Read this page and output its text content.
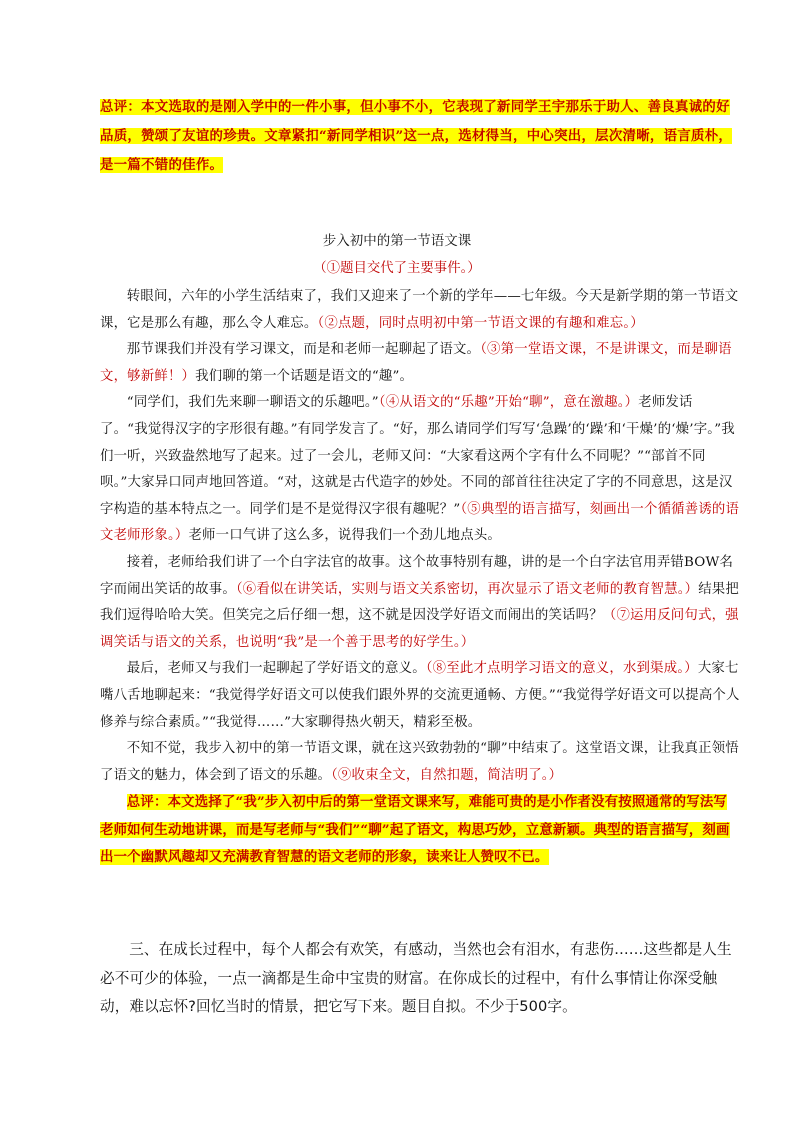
总评：本文选取的是刚入学中的一件小事，但小事不小，它表现了新同学王宇那乐于助人、善良真诚的好品质，赞颂了友谊的珍贵。文章紧扣“新同学相识”这一点，选材得当，中心突出，层次清晰，语言质朴，是一篇不错的佳作。
步入初中的第一节语文课
（①题目交代了主要事件。）

转眼间，六年的小学生活结束了，我们又迎来了一个新的学年——七年级。今天是新学期的第一节语文课，它是那么有趣，那么令人难忘。（②点题，同时点明初中第一节语文课的有趣和难忘。）

那节课我们并没有学习课文，而是和老师一起聊起了语文。（③第一堂语文课，不是讲课文，而是聊语文，够新鲜！）我们聊的第一个话题是语文的“趣”。

“同学们，我们先来聊一聊语文的乐趣吧。”（④从语文的“乐趣”开始“聊”，意在激趣。）老师发话了。“我觉得汉字的字形很有趣。”有同学发言了。“好，那么请同学们写写‘急躁’的‘躁’和‘干燥’的‘燥’字。”我们一听，兴致盎然地写了起来。过了一会儿，老师又问：“大家看这两个字有什么不同呢？”“部首不同呗。”大家异口同声地回答道。“对，这就是古代造字的妙处。不同的部首往往决定了字的不同意思，这是汉字构造的基本特点之一。同学们是不是觉得汉字很有趣呢？”（⑤典型的语言描写，刻画出一个循循善诱的语文老师形象。）老师一口气讲了这么多，说得我们一个劲儿地点头。

接着，老师给我们讲了一个白字法官的故事。这个故事特别有趣，讲的是一个白字法官用弄错BOW名字而闹出笑话的故事。（⑥看似在讲笑话，实则与语文关系密切，再次显示了语文老师的教育智慧。）结果把我们逗得哈哈大笑。但笑完之后仔细一想，这不就是因没学好语文而闹出的笑话吗？（⑦运用反问句式，强调笑话与语文的关系，也说明“我”是一个善于思考的好学生。）

最后，老师又与我们一起聊起了学好语文的意义。（⑧至此才点明学习语文的意义，水到渠成。）大家七嘴八舌地聊起来：“我觉得学好语文可以使我们跟外界的交流更通畅、方便。”“我觉得学好语文可以提高个人修养与综合素质。”“我觉得……”大家聊得热火朝天，精彩至极。

不知不觉，我步入初中的第一节语文课，就在这兴致勃勃的“聊”中结束了。这堂语文课，让我真正领悟了语文的魅力，体会到了语文的乐趣。（⑨收束全文，自然扣题，简洁明了。）

总评：本文选择了“我”步入初中后的第一堂语文课来写，难能可贵的是小作者没有按照通常的写法写老师如何生动地讲课，而是写老师与“我们”“聊”起了语文，构思巧妙，立意新颖。典型的语言描写，刻画出一个幽默风趣却又充满教育智慧的语文老师的形象，读来让人赞叹不已。

三、在成长过程中，每个人都会有欢笑，有感动，当然也会有泪水，有悲伤……这些都是人生必不可少的体验，一点一滴都是生命中宝贵的财富。在你成长的过程中，有什么事情让你深受触动，难以忘怀?回忆当时的情景，把它写下来。题目自拟。不少于500字。
